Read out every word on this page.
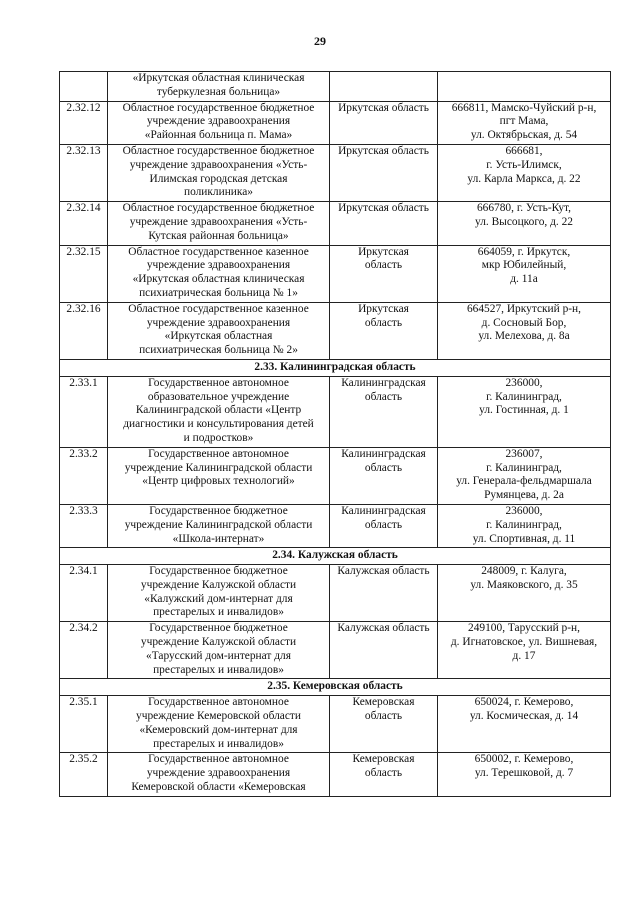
29

	«Иркутская областная клиническая
туберкулезная больница»		

2.32.12	Областное государственное бюджетное
учреждение здравоохранения
«Районная больница п. Мама»	Иркутская область	666811, Мамско-Чуйский р-н,
пгт Мама,
ул. Октябрьская, д. 54

2.32.13	Областное государственное бюджетное
учреждение здравоохранения «Усть-
Илимская городская детская
поликлиника»	Иркутская область	666681,
г. Усть-Илимск,
ул. Карла Маркса, д. 22

2.32.14	Областное государственное бюджетное
учреждение здравоохранения «Усть-
Кутская районная больница»	Иркутская область	666780, г. Усть-Кут,
ул. Высоцкого, д. 22

2.32.15	Областное государственное казенное
учреждение здравоохранения
«Иркутская областная клиническая
психиатрическая больница № 1»	Иркутская
область	664059, г. Иркутск,
мкр Юбилейный,
д. 11а

2.32.16	Областное государственное казенное
учреждение здравоохранения
«Иркутская областная
психиатрическая больница № 2»	Иркутская
область	664527, Иркутский р-н,
д. Сосновый Бор,
ул. Мелехова, д. 8а

2.33. Калининградская область			
2.33.1	Государственное автономное
образовательное учреждение
Калининградской области «Центр
диагностики и консультирования детей
и подростков»	Калининградская
область	236000,
г. Калининград,
ул. Гостинная, д. 1

2.33.2	Государственное автономное
учреждение Калининградской области
«Центр цифровых технологий»	Калининградская
область	236007,
г. Калининград,
ул. Генерала-фельдмаршала
Румянцева, д. 2а

2.33.3	Государственное бюджетное
учреждение Калининградской области
«Школа-интернат»	Калининградская
область	236000,
г. Калининград,
ул. Спортивная, д. 11

2.34. Калужская область			
2.34.1	Государственное бюджетное
учреждение Калужской области
«Калужский дом-интернат для
престарелых и инвалидов»	Калужская область	248009, г. Калуга,
ул. Маяковского, д. 35

2.34.2	Государственное бюджетное
учреждение Калужской области
«Тарусский дом-интернат для
престарелых и инвалидов»	Калужская область	249100, Тарусский р-н,
д. Игнатовское, ул. Вишневая,
д. 17

2.35. Кемеровская область			
2.35.1	Государственное автономное
учреждение Кемеровской области
«Кемеровский дом-интернат для
престарелых и инвалидов»	Кемеровская
область	650024, г. Кемерово,
ул. Космическая, д. 14

2.35.2	Государственное автономное
учреждение здравоохранения
Кемеровской области «Кемеровская	Кемеровская
область	650002, г. Кемерово,
ул. Терешковой, д. 7
